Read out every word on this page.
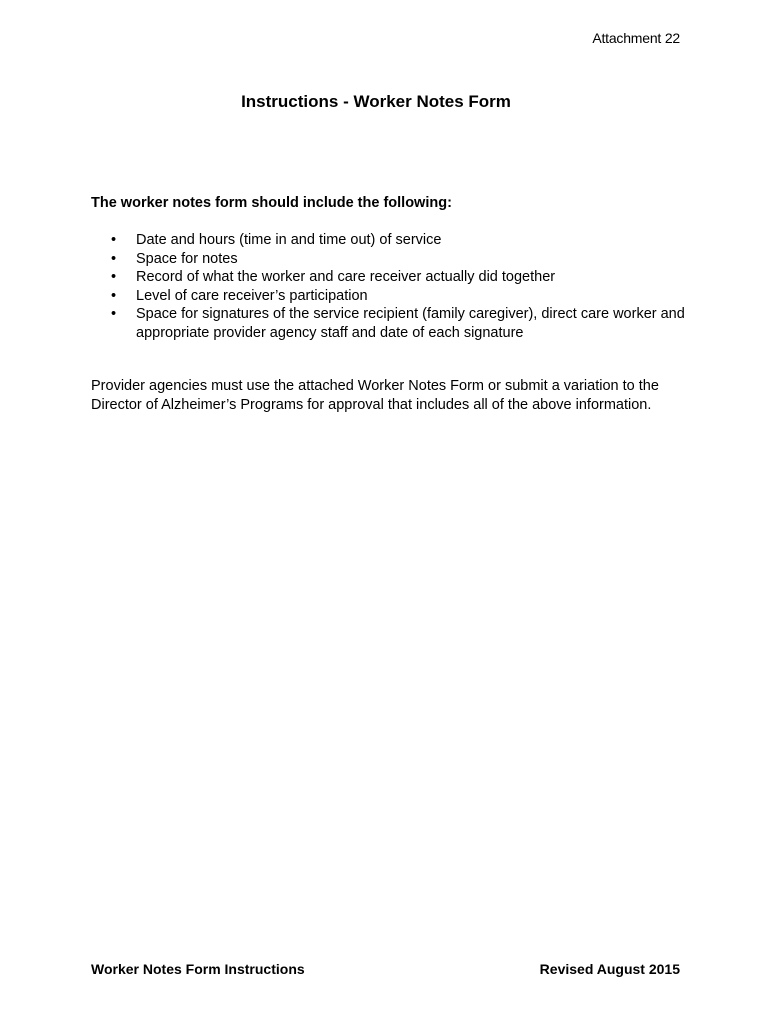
Attachment 22
Instructions - Worker Notes Form
The worker notes form should include the following:
• Date and hours (time in and time out) of service
• Space for notes
• Record of what the worker and care receiver actually did together
• Level of care receiver’s participation
• Space for signatures of the service recipient (family caregiver), direct care worker and appropriate provider agency staff and date of each signature

Provider agencies must use the attached Worker Notes Form or submit a variation to the Director of Alzheimer’s Programs for approval that includes all of the above information.

Worker Notes Form Instructions	Revised August 2015
